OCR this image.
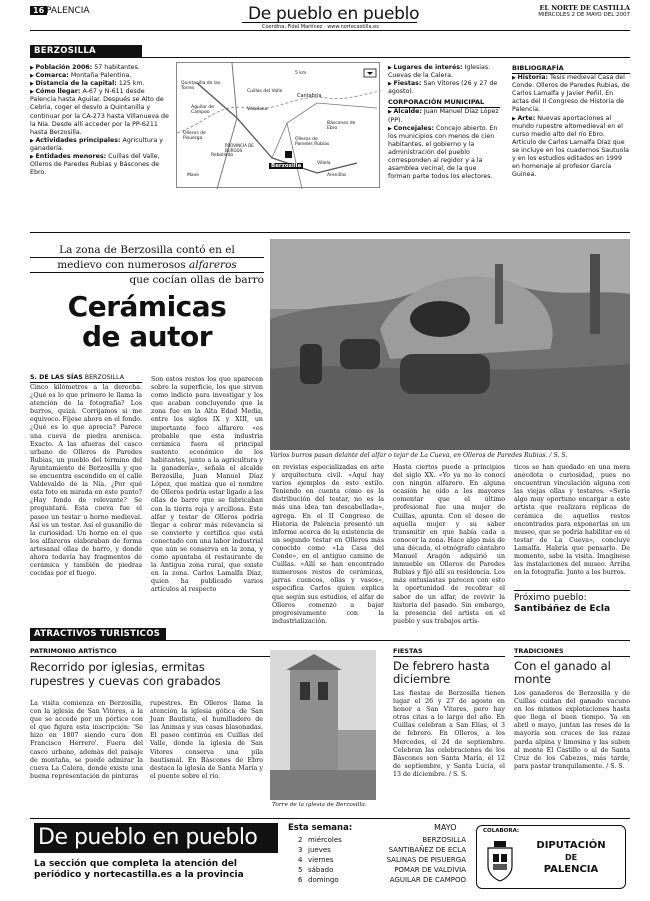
16 PALENCIA	De pueblo en pueblo
Coordina: Fidel Martínez · www.nortecastilla.es
EL NORTE DE CASTILLA
MIÉRCOLES 2 DE MAYO DEL 2007
BERZOSILLA
▶ Población 2006: 57 habitantes.
▶ Comarca: Montaña Palentina.
▶ Distancia de la capital: 125 km.
▶ Cómo llegar: A-67 y N-611 desde Palencia hasta Aguilar. Después se Alto de Cebria, coger el desvío a Quintanilla y continuar por la CA-273 hasta Villanueva de la Nia. Desde allí acceder por la PP-6211 hasta Berzosilla.
▶ Actividades principales: Agricultura y ganadería.
▶ Entidades menores: Cuillas del Valle, Olleros de Paredes Rubias y Báscones de Ebro.
5 km
Quintanilla de las Torres
Cuillas del Valle
Villallano
Aguilar de Campoo
Olleros de Pisuerga
Cantabria
Berzosilla
Báscones de Ebro
Olleros de Paredes Rubias
Rebolledo
Arenillas
PROVINCIA DE BURGOS
Mave
Villela
▶ Lugares de interés: Iglesias. Cuevas de la Calera.
▶ Fiestas: San Vitores (26 y 27 de agosto).
CORPORACIÓN MUNICIPAL
▶ Alcalde: Juan Manuel Díaz López (PP).
▶ Concejales: Concejo abierto. En los municipios con menos de cien habitantes, el gobierno y la administración del pueblo corresponden al regidor y a la asamblea vecinal, de la que forman parte todos los electores.
BIBLIOGRAFÍA
▶ Historia: Tesis medieval Casa del Conde. Olleros de Paredes Rubias, de Carlos Lamalfa y Javier Peñil. En actas del II Congreso de Historia de Palencia.
▶ Arte: Nuevas aportaciones al mundo rupestre altomedieval en el curso medio alto del río Ebro. Artículo de Carlos Lamalfa Díaz que se incluye en los cuadernos Sautuola y en los estudios editados en 1999 en homenaje al profesor García Guinea.
La zona de Berzosilla contó en el
medievo con numerosos alfareros
que cocían ollas de barro
Cerámicas
de autor
Varios burros pasan delante del alfar o tejar de La Cueva, en Olleros de Paredes Rubias. / S. S.
S. DE LAS SÍAS BERZOSILLA
Cinco kilómetros a la derecha. ¿Qué es lo que primero le llama la atención de la fotografía? Los burros, quizá. Corrijamos si me equivoco. Fíjese ahora en el fondo. ¿Qué es lo que aprecia? Parece una cueva de piedra arenisca. Exacto. A las afueras del casco urbano de Olleros de Paredes Rubias, un pueblo del término del Ayuntamiento de Berzosilla y que se encuentra escondido en el calle Valdevaldo de la Nía. ¿Por qué esta foto en mirada en este punto? ¿Hay fondo de relevante? Se preguntará. Esta cueva fue el paseo un testar u horno medieval. Así es un testar. Así el gusanillo de la curiosidad. Un horno en el que los alfareros elaboraban de forma artesanal ollas de barro, y donde ahora todavía hay fragmentos de cerámica y también de piedras cocidas por el fuego.
Son estos restos los que aparecen sobre la superficie, los que sirven como indicio para investigar y los que acaban concluyendo que la zona fue en la Alta Edad Media, entre los siglos IX y XIII, un importante foco alfarero «es probable que esta industria cerámica fuera el principal sustento económico de los habitantes, junto a la agricultura y la ganadería», señala el alcalde Berzosilla, Juan Manuel Díaz López, que matiza que el nombre de Olleros podría estar ligado a las ollas de barro que se fabricaban con la tierra roja y arcillosa. Este alfar y testar de Olleros podría llegar a cobrar más relevancia si se convierte y certifica que está conectado con una labor industrial que aún se conserva en la zona, y como apuntaba el restaurante de la Antigua zona rural, que existe en la zona. Carlos Lamalfa Díaz, quien ha publicado varios artículos al respecto
en revistas especializadas en arte y arquitectura civil. «Aquí hay varios ejemplos de esto estilo. Teniendo en cuenta cómo es la distribución del testar, no es la más una idea tan descabellada», agrega. En el II Congreso de Historia de Palencia presentó un informe acerca de la existencia de un segundo testar en Olleros más conocido como «La Casa del Conde», en el antiguo camino de Cuillas. «Allí se han encontrado numerosos restos de cerámicas, jarras cuencos, ollas y vasos», especifica Carlos quien explica que según sus estudios, el alfar de Olleros comenzó a bajar progresivamente con la industrialización.
Hasta ciertos puede a principios del siglo XX. «Yo ya no lo conocí con ningún alfarero. En alguna ocasión he oído a los mayores comentar que el último profesional fue una mujer de Cuillas, apunta. Con el deseo de aquella mujer y su saber transmitir en que había cada a conocer la zona. Hace algo más de una década, el etnógrafo cántabro Manuel Aragón adquirió un inmueble en Olleros de Paredes Rubias y fijó allí su residencia. Los más entusiastas parecen con esto la oportunidad de recobrar el sabor de un alfar, de revivir la historia del pasado. Sin embargo, la presencia del artista en el pueblo y sus trabajos artís-
ticos se han quedado en una mera anécdota o curiosidad, pues no encuentran vinculación alguna con las viejas ollas y testares. «Sería algo muy oportuno encargar a este artista que realizara réplicas de cerámica de aquellos restos encontrados para exponerlas en un museo, que se podría habilitar en el testar de La Cueva», concluye Lamalfa. Habría que pensarlo. De momento, sabe la visita. Imagínese las instalaciones del museo. Arriba en la fotografía. Junto a los burros.
Próximo pueblo:
Santibáñez de Ecla
ATRACTIVOS TURÍSTICOS
PATRIMONIO ARTÍSTICO
Recorrido por iglesias, ermitas rupestres y cuevas con grabados
La visita comienza en Berzosilla, con la iglesia de San Vitores, a la que se accede por un pórtico con el que figura esta inscripción: 'Se hizo en 1807 siendo cura don Francisco Herrero'. Fuera del casco urbano, además del paisaje de montaña, se puede admirar la cueva La Calera, donde existe una buena representación de pinturas
rupestres. En Olleros llama la atención la iglesia gótica de San Juan Bautista, el humilladero de las Ánimas y sus casas blasonadas. El paseo continúa en Cuillas del Valle, donde la iglesia de San Vitores conserva una pila bautismal. En Báscones de Ebro destaca la iglesia de Santa María y el puente sobre el río.
Torre de la iglesia de Berzosilla.
FIESTAS
De febrero hasta diciembre
Las fiestas de Berzosilla tienen lugar el 26 y 27 de agosto en honor a San Vitores, pero hay otras citas a lo largo del año. En Cuillas celebran a San Elías, el 3 de febrero. En Olleros, a los Mercedes, el 24 de septiembre. Celebran las celebraciones de los Báscones son Santa María, el 12 de septiembre, y Santa Lucía, el 13 de diciembre. / S. S.
TRADICIONES
Con el ganado al monte
Los ganaderos de Berzosilla y de Cuillas cuidan del ganado vacuno en los mismos explotaciones hasta que llega el buen tiempo. Ya en abril o mayo, juntan las reses de la mayoría son cruces de las razas parda alpina y limosina y las suben al monte El Castillo o al de Santa Cruz de los Cabezos, más tarde, para pastar tranquilamente. / S. S.
De pueblo en pueblo
La sección que completa la atención del
periódico y nortecastilla.es a la provincia
Esta semana:	MAYO
2 miércoles	BERZOSILLA
3 jueves	SANTIBÁÑEZ DE ECLA
4 viernes	SALINAS DE PISUERGA
5 sábado	POMAR DE VALDIVIA
6 domingo	AGUILAR DE CAMPOO
COLABORA:
DIPUTACIÓN
DE
PALENCIA
